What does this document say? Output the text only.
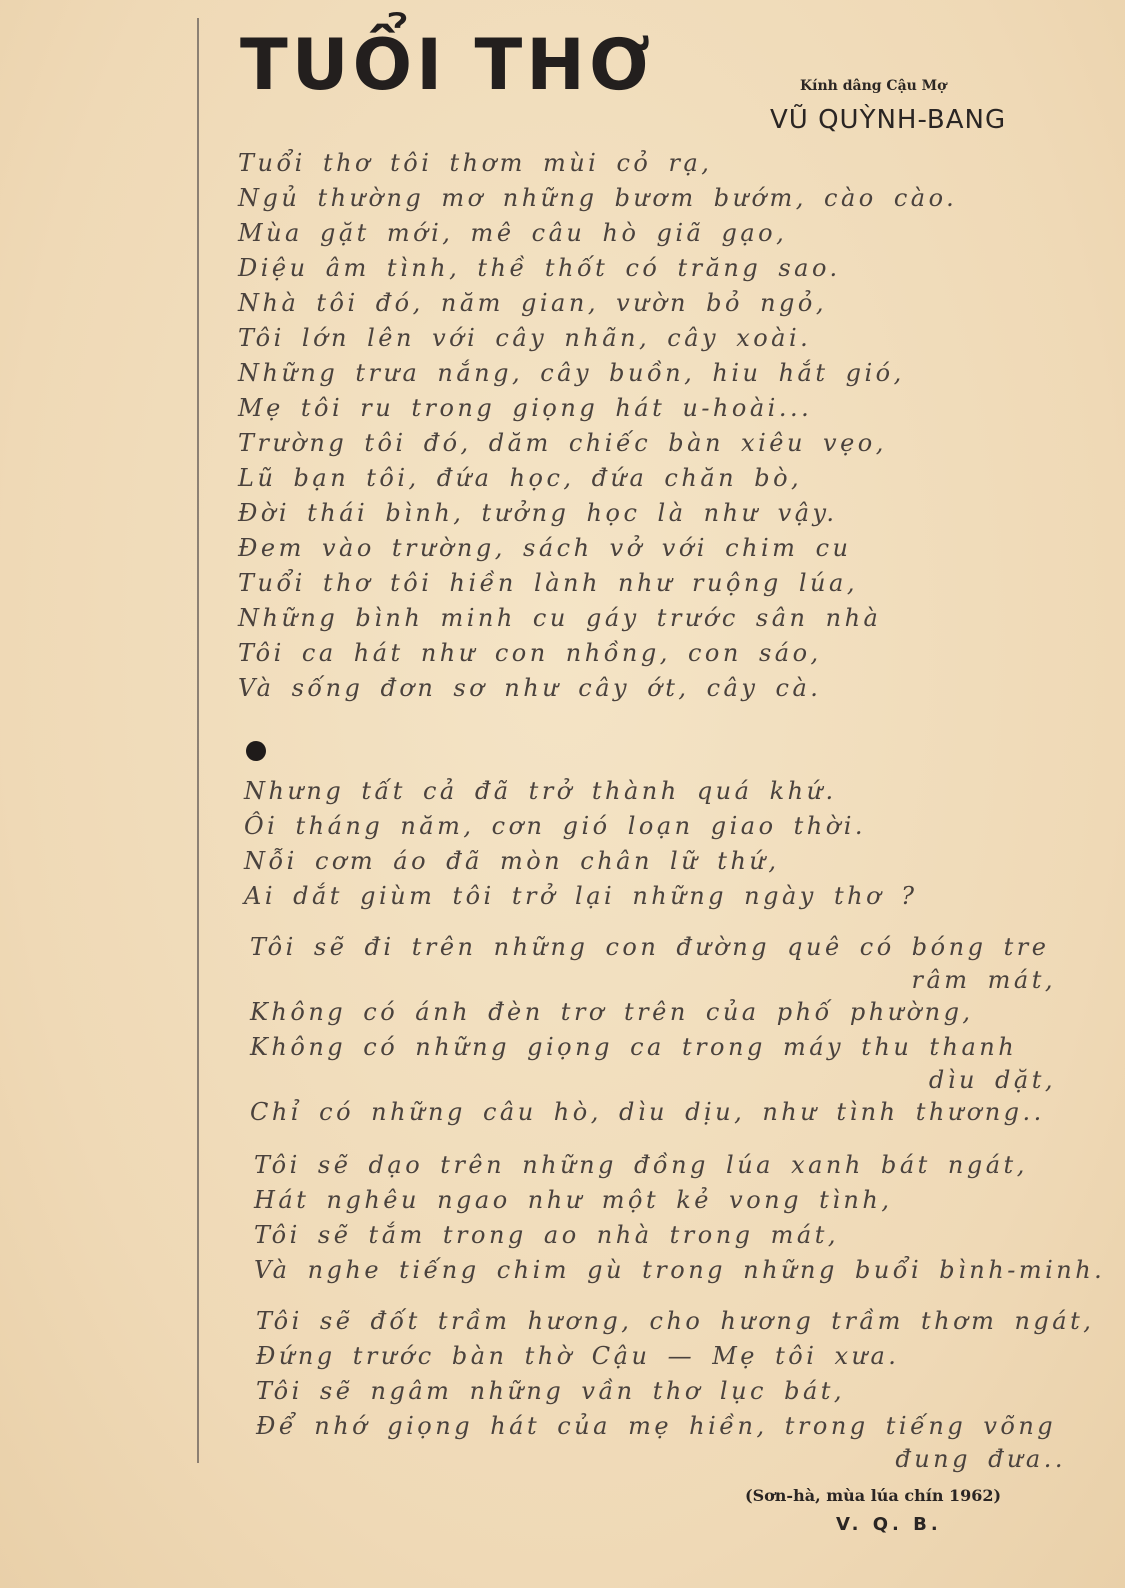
TUỔI THƠ	Kính dâng Cậu Mợ
VŨ QUỲNH-BANG
Tuổi thơ tôi thơm mùi cỏ rạ,
Ngủ thường mơ những bươm bướm, cào cào.
Mùa gặt mới, mê câu hò giã gạo,
Diệu âm tình, thề thốt có trăng sao.
Nhà tôi đó, năm gian, vườn bỏ ngỏ,
Tôi lớn lên với cây nhãn, cây xoài.
Những trưa nắng, cây buồn, hiu hắt gió,
Mẹ tôi ru trong giọng hát u-hoài...
Trường tôi đó, dăm chiếc bàn xiêu vẹo,
Lũ bạn tôi, đứa học, đứa chăn bò,
Đời thái bình, tưởng học là như vậy.
Đem vào trường, sách vở với chim cu
Tuổi thơ tôi hiền lành như ruộng lúa,
Những bình minh cu gáy trước sân nhà
Tôi ca hát như con nhồng, con sáo,
Và sống đơn sơ như cây ớt, cây cà.
Nhưng tất cả đã trở thành quá khứ.
Ôi tháng năm, cơn gió loạn giao thời.
Nỗi cơm áo đã mòn chân lữ thứ,
Ai dắt giùm tôi trở lại những ngày thơ ?
Tôi sẽ đi trên những con đường quê có bóng tre
râm mát,
Không có ánh đèn trơ trên của phố phường,
Không có những giọng ca trong máy thu thanh
dìu dặt,
Chỉ có những câu hò, dìu dịu, như tình thương..
Tôi sẽ dạo trên những đồng lúa xanh bát ngát,
Hát nghêu ngao như một kẻ vong tình,
Tôi sẽ tắm trong ao nhà trong mát,
Và nghe tiếng chim gù trong những buổi bình-minh.
Tôi sẽ đốt trầm hương, cho hương trầm thơm ngát,
Đứng trước bàn thờ Cậu — Mẹ tôi xưa.
Tôi sẽ ngâm những vần thơ lục bát,
Để nhớ giọng hát của mẹ hiền, trong tiếng võng
đung đưa..
(Sơn-hà, mùa lúa chín 1962)
V. Q. B.
